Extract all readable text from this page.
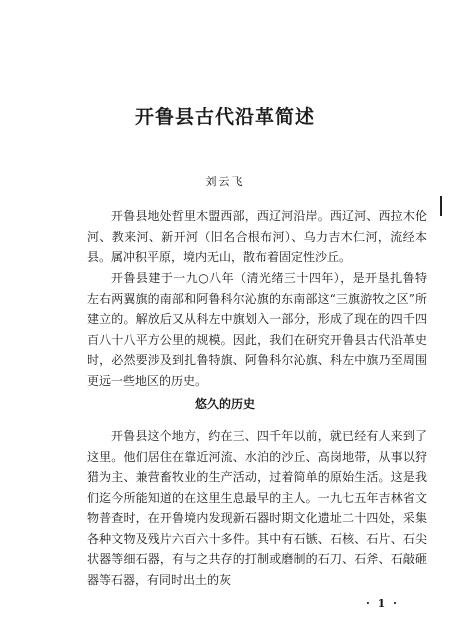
开鲁县古代沿革简述
刘云飞

开鲁县地处哲里木盟西部，西辽河沿岸。西辽河、西拉木伦河、教来河、新开河（旧名合根布河）、乌力吉木仁河，流经本县。属冲积平原，境内无山，散布着固定性沙丘。

开鲁县建于一九○八年（清光绪三十四年），是开垦扎鲁特左右两翼旗的南部和阿鲁科尔沁旗的东南部这“三旗游牧之区”所建立的。解放后又从科左中旗划入一部分，形成了现在的四千四百八十八平方公里的规模。因此，我们在研究开鲁县古代沿革史时，必然要涉及到扎鲁特旗、阿鲁科尔沁旗、科左中旗乃至周围更远一些地区的历史。

悠久的历史

开鲁县这个地方，约在三、四千年以前，就已经有人来到了这里。他们居住在靠近河流、水泊的沙丘、高岗地带，从事以狩猎为主、兼营畜牧业的生产活动，过着简单的原始生活。这是我们迄今所能知道的在这里生息最早的主人。一九七五年吉林省文物普查时，在开鲁境内发现新石器时期文化遗址二十四处，采集各种文物及残片六百六十多件。其中有石镞、石核、石片、石尖状器等细石器，有与之共存的打制或磨制的石刀、石斧、石敲砸器等石器，有同时出土的灰

· 1 ·
